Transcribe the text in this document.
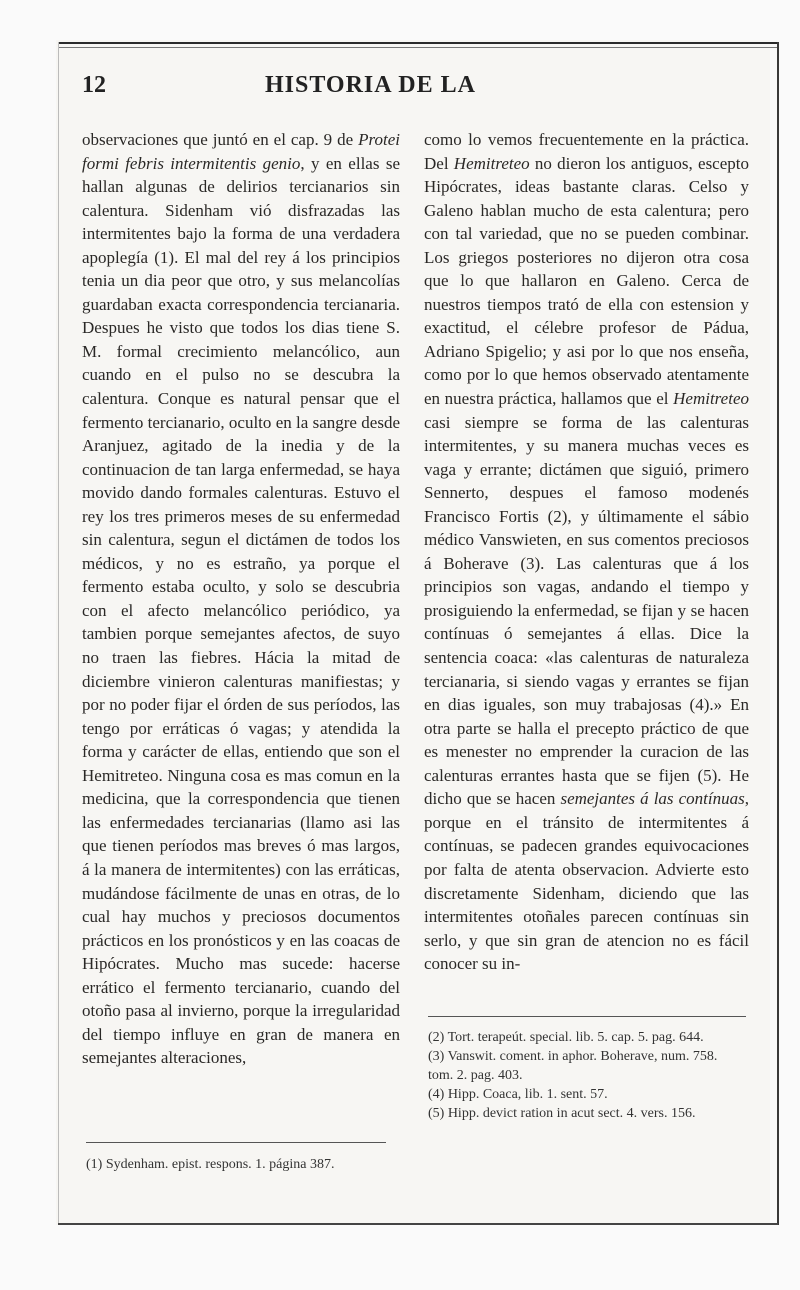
12	HISTORIA DE LA

observaciones que juntó en el cap. 9 de Protei formi febris intermitentis genio, y en ellas se hallan algunas de delirios tercianarios sin calentura. Sidenham vió disfrazadas las intermitentes bajo la forma de una verdadera apoplegía (1). El mal del rey á los principios tenia un dia peor que otro, y sus melancolías guardaban exacta correspondencia tercianaria. Despues he visto que todos los dias tiene S. M. formal crecimiento melancólico, aun cuando en el pulso no se descubra la calentura. Conque es natural pensar que el fermento tercianario, oculto en la sangre desde Aranjuez, agitado de la inedia y de la continuacion de tan larga enfermedad, se haya movido dando formales calenturas. Estuvo el rey los tres primeros meses de su enfermedad sin calentura, segun el dictámen de todos los médicos, y no es estraño, ya porque el fermento estaba oculto, y solo se descubria con el afecto melancólico periódico, ya tambien porque semejantes afectos, de suyo no traen las fiebres. Hácia la mitad de diciembre vinieron calenturas manifiestas; y por no poder fijar el órden de sus períodos, las tengo por erráticas ó vagas; y atendida la forma y carácter de ellas, entiendo que son el Hemitreteo. Ninguna cosa es mas comun en la medicina, que la correspondencia que tienen las enfermedades tercianarias (llamo asi las que tienen períodos mas breves ó mas largos, á la manera de intermitentes) con las erráticas, mudándose fácilmente de unas en otras, de lo cual hay muchos y preciosos documentos prácticos en los pronósticos y en las coacas de Hipócrates. Mucho mas sucede: hacerse errático el fermento tercianario, cuando del otoño pasa al invierno, porque la irregularidad del tiempo influye en gran de manera en semejantes alteraciones,

como lo vemos frecuentemente en la práctica. Del Hemitreteo no dieron los antiguos, escepto Hipócrates, ideas bastante claras. Celso y Galeno hablan mucho de esta calentura; pero con tal variedad, que no se pueden combinar. Los griegos posteriores no dijeron otra cosa que lo que hallaron en Galeno. Cerca de nuestros tiempos trató de ella con estension y exactitud, el célebre profesor de Pádua, Adriano Spigelio; y asi por lo que nos enseña, como por lo que hemos observado atentamente en nuestra práctica, hallamos que el Hemitreteo casi siempre se forma de las calenturas intermitentes, y su manera muchas veces es vaga y errante; dictámen que siguió, primero Sennerto, despues el famoso modenés Francisco Fortis (2), y últimamente el sábio médico Vanswieten, en sus comentos preciosos á Boherave (3). Las calenturas que á los principios son vagas, andando el tiempo y prosiguiendo la enfermedad, se fijan y se hacen contínuas ó semejantes á ellas. Dice la sentencia coaca: «las calenturas de naturaleza tercianaria, si siendo vagas y errantes se fijan en dias iguales, son muy trabajosas (4).» En otra parte se halla el precepto práctico de que es menester no emprender la curacion de las calenturas errantes hasta que se fijen (5). He dicho que se hacen semejantes á las contínuas, porque en el tránsito de intermitentes á contínuas, se padecen grandes equivocaciones por falta de atenta observacion. Advierte esto discretamente Sidenham, diciendo que las intermitentes otoñales parecen contínuas sin serlo, y que sin gran de atencion no es fácil conocer su in-

(1) Sydenham. epist. respons. 1. página 387.

(2) Tort. terapeút. special. lib. 5. cap. 5. pag. 644.

(3) Vanswit. coment. in aphor. Boherave, num. 758. tom. 2. pag. 403.

(4) Hipp. Coaca, lib. 1. sent. 57.

(5) Hipp. devict ration in acut sect. 4. vers. 156.
